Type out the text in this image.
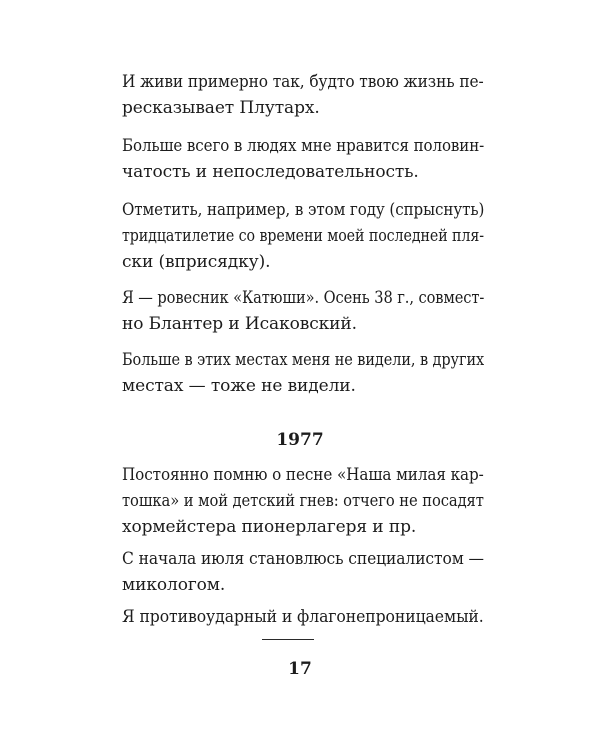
И живи примерно так, будто твою жизнь пе-
ресказывает Плутарх.

Больше всего в людях мне нравится половин-
чатость и непоследовательность.

Отметить, например, в этом году (спрыснуть)
тридцатилетие со времени моей последней пля-
ски (вприсядку).

Я — ровесник «Катюши». Осень 38 г., совмест-
но Блантер и Исаковский.

Больше в этих местах меня не видели, в других
местах — тоже не видели.

1977

Постоянно помню о песне «Наша милая кар-
тошка» и мой детский гнев: отчего не посадят
хормейстера пионерлагеря и пр.

С начала июля становлюсь специалистом —
микологом.

Я противоударный и флагонепроницаемый.

17
